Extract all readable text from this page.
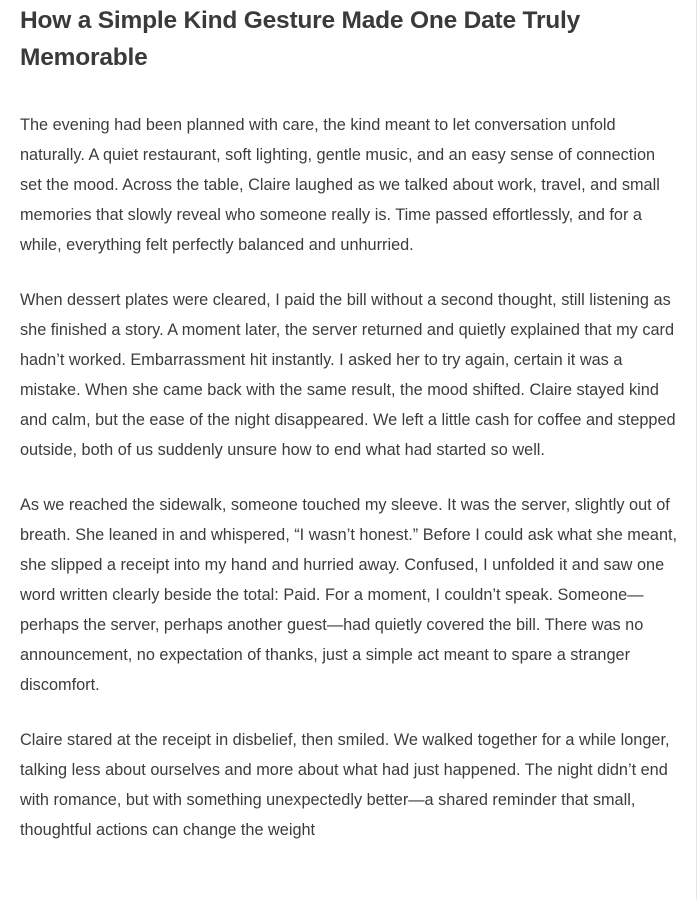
How a Simple Kind Gesture Made One Date Truly Memorable

The evening had been planned with care, the kind meant to let conversation unfold naturally. A quiet restaurant, soft lighting, gentle music, and an easy sense of connection set the mood. Across the table, Claire laughed as we talked about work, travel, and small memories that slowly reveal who someone really is. Time passed effortlessly, and for a while, everything felt perfectly balanced and unhurried.

When dessert plates were cleared, I paid the bill without a second thought, still listening as she finished a story. A moment later, the server returned and quietly explained that my card hadn’t worked. Embarrassment hit instantly. I asked her to try again, certain it was a mistake. When she came back with the same result, the mood shifted. Claire stayed kind and calm, but the ease of the night disappeared. We left a little cash for coffee and stepped outside, both of us suddenly unsure how to end what had started so well.

As we reached the sidewalk, someone touched my sleeve. It was the server, slightly out of breath. She leaned in and whispered, “I wasn’t honest.” Before I could ask what she meant, she slipped a receipt into my hand and hurried away. Confused, I unfolded it and saw one word written clearly beside the total: Paid. For a moment, I couldn’t speak. Someone—perhaps the server, perhaps another guest—had quietly covered the bill. There was no announcement, no expectation of thanks, just a simple act meant to spare a stranger discomfort.

Claire stared at the receipt in disbelief, then smiled. We walked together for a while longer, talking less about ourselves and more about what had just happened. The night didn’t end with romance, but with something unexpectedly better—a shared reminder that small, thoughtful actions can change the weight
